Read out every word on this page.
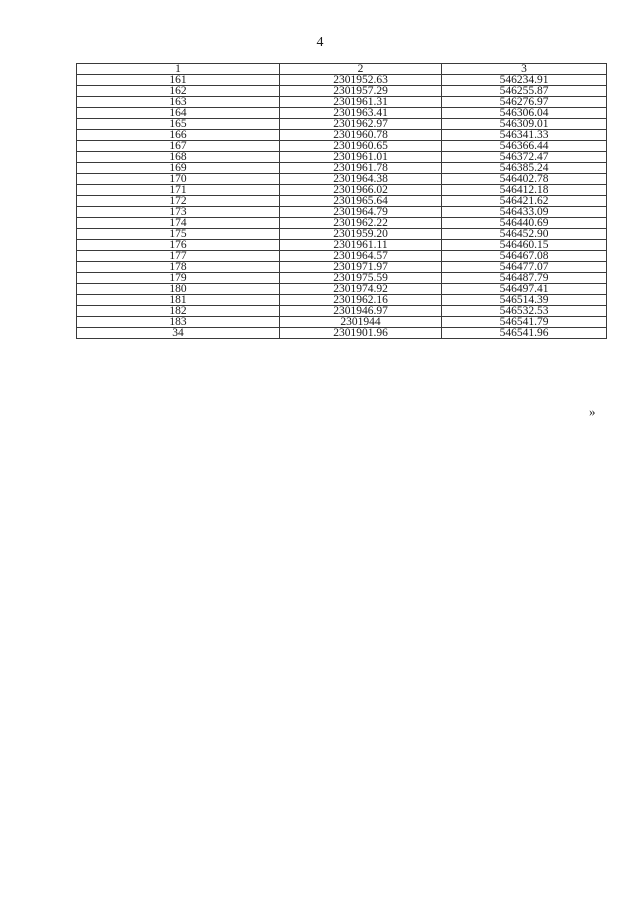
4
1	2	3
161	2301952.63	546234.91
162	2301957.29	546255.87
163	2301961.31	546276.97
164	2301963.41	546306.04
165	2301962.97	546309.01
166	2301960.78	546341.33
167	2301960.65	546366.44
168	2301961.01	546372.47
169	2301961.78	546385.24
170	2301964.38	546402.78
171	2301966.02	546412.18
172	2301965.64	546421.62
173	2301964.79	546433.09
174	2301962.22	546440.69
175	2301959.20	546452.90
176	2301961.11	546460.15
177	2301964.57	546467.08
178	2301971.97	546477.07
179	2301975.59	546487.79
180	2301974.92	546497.41
181	2301962.16	546514.39
182	2301946.97	546532.53
183	2301944	546541.79
34	2301901.96	546541.96
»
